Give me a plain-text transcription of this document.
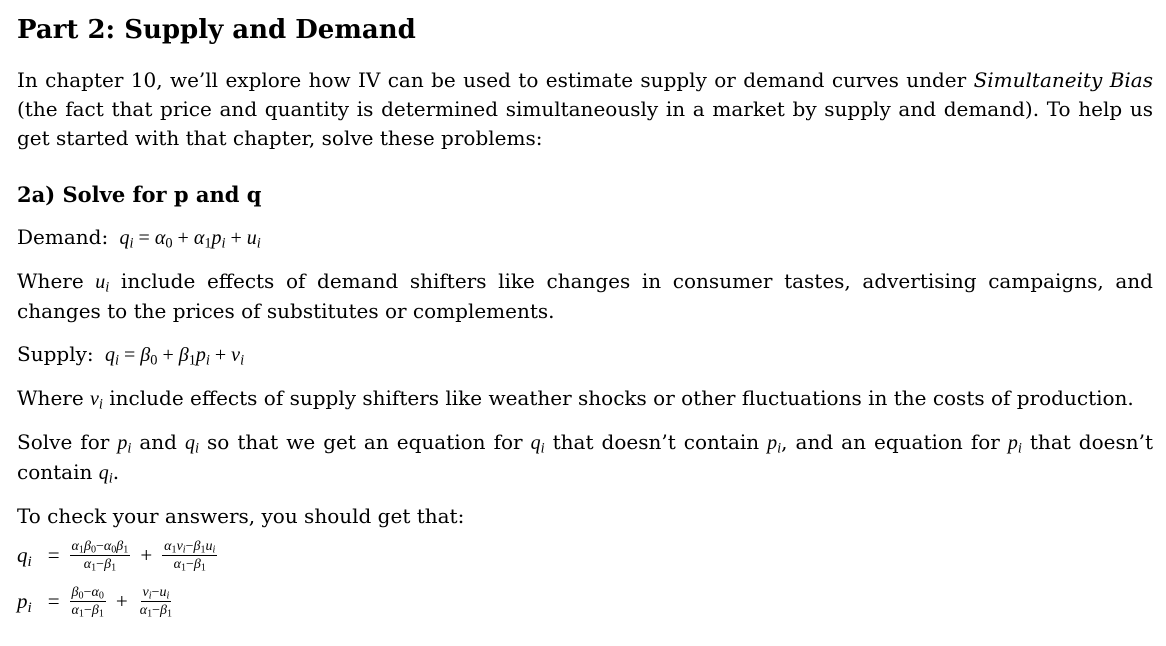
Part 2: Supply and Demand

In chapter 10, we’ll explore how IV can be used to estimate supply or demand curves under Simultaneity Bias (the fact that price and quantity is determined simultaneously in a market by supply and demand). To help us get started with that chapter, solve these problems:

2a) Solve for p and q

Demand:  $q_i = \alpha_0 + \alpha_1p_i + u_i$

Where $u_i$ include effects of demand shifters like changes in consumer tastes, advertising campaigns, and changes to the prices of substitutes or complements.

Supply:  $q_i = \beta_0 + \beta_1p_i + v_i$

Where $v_i$ include effects of supply shifters like weather shocks or other fluctuations in the costs of production.

Solve for $p_i$ and $q_i$ so that we get an equation for $q_i$ that doesn’t contain $p_i$, and an equation for $p_i$ that doesn’t contain $q_i$.

To check your answers, you should get that:

$q_i = \frac{\alpha_1\beta_0-\alpha_0\beta_1}{\alpha_1-\beta_1} + \frac{\alpha_1v_i-\beta_1u_i}{\alpha_1-\beta_1}$
$p_i = \frac{\beta_0-\alpha_0}{\alpha_1-\beta_1} + \frac{v_i-u_i}{\alpha_1-\beta_1}$
